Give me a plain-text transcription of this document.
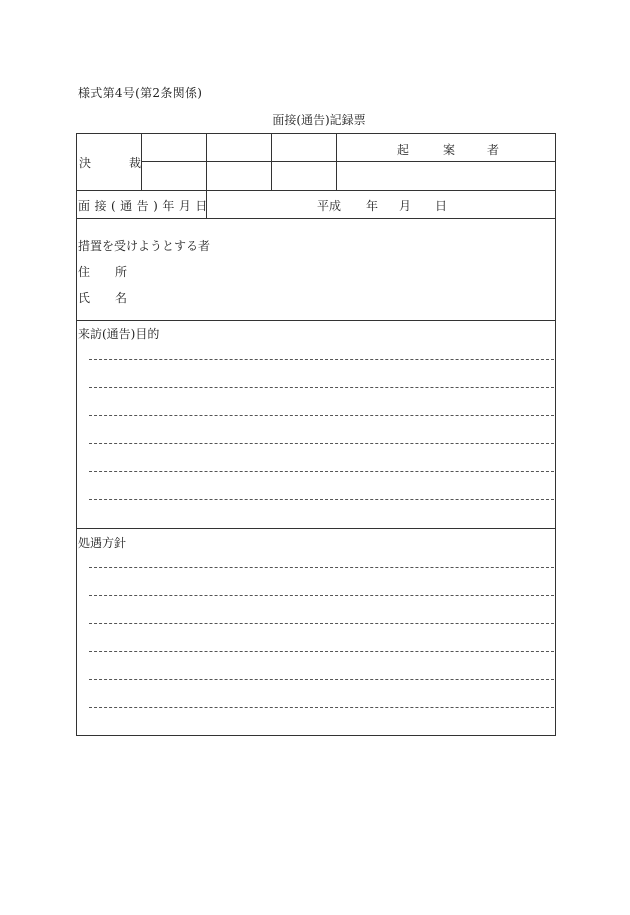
様式第4号(第2条関係)
面接(通告)記録票
決	裁
起	案	者
面接(通告)年月日	平成 年 月 日
措置を受けようとする者
住 所
氏 名
来訪(通告)目的
処遇方針
